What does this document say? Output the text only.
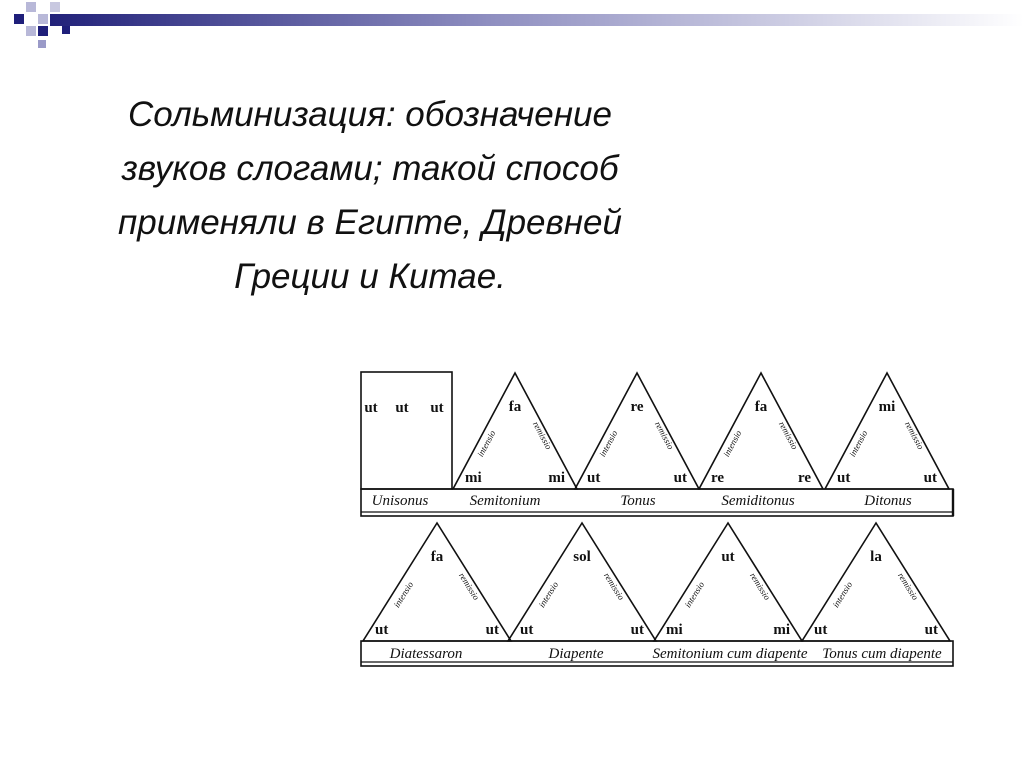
Сольминизация: обозначение
звуков слогами; такой способ
применяли в Египте, Древней
Греции и Китае.
ut ut ut
Unisonus
fa
mi	mi
intensio	remissio
Semitonium
re
ut	ut
intensio	remissio
Tonus
fa
re	re
intensio	remissio
Semiditonus
mi
ut	ut
intensio	remissio
Ditonus
fa
ut	ut
intensio	remissio
Diatessaron
sol
ut	ut
intensio	remissio
Diapente
ut
mi	mi
intensio	remissio
Semitonium cum diapente
la
ut	ut
intensio	remissio
Tonus cum diapente
